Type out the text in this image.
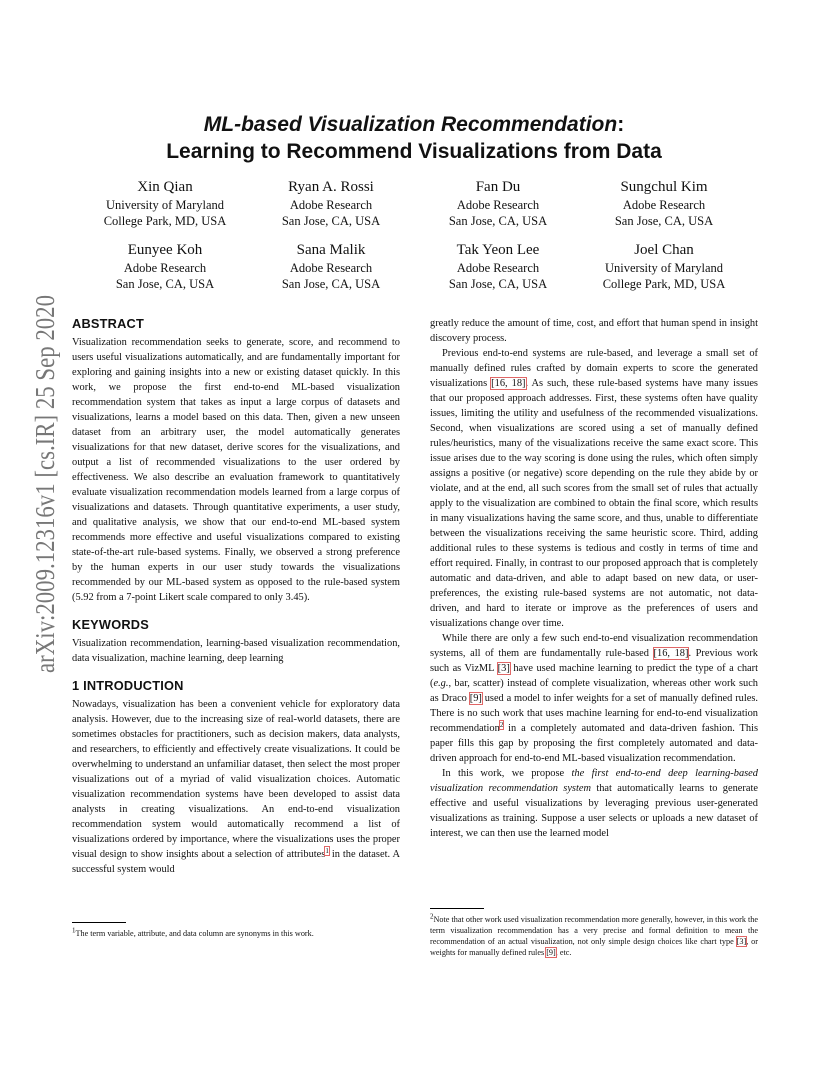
arXiv:2009.12316v1 [cs.IR] 25 Sep 2020
ML-based Visualization Recommendation:
Learning to Recommend Visualizations from Data
Xin Qian
University of Maryland
College Park, MD, USA
Ryan A. Rossi
Adobe Research
San Jose, CA, USA
Fan Du
Adobe Research
San Jose, CA, USA
Sungchul Kim
Adobe Research
San Jose, CA, USA
Eunyee Koh
Adobe Research
San Jose, CA, USA
Sana Malik
Adobe Research
San Jose, CA, USA
Tak Yeon Lee
Adobe Research
San Jose, CA, USA
Joel Chan
University of Maryland
College Park, MD, USA
ABSTRACT

Visualization recommendation seeks to generate, score, and recommend to users useful visualizations automatically, and are fundamentally important for exploring and gaining insights into a new or existing dataset quickly. In this work, we propose the first end-to-end ML-based visualization recommendation system that takes as input a large corpus of datasets and visualizations, learns a model based on this data. Then, given a new unseen dataset from an arbitrary user, the model automatically generates visualizations for that new dataset, derive scores for the visualizations, and output a list of recommended visualizations to the user ordered by effectiveness. We also describe an evaluation framework to quantitatively evaluate visualization recommendation models learned from a large corpus of visualizations and datasets. Through quantitative experiments, a user study, and qualitative analysis, we show that our end-to-end ML-based system recommends more effective and useful visualizations compared to existing state-of-the-art rule-based systems. Finally, we observed a strong preference by the human experts in our user study towards the visualizations recommended by our ML-based system as opposed to the rule-based system (5.92 from a 7-point Likert scale compared to only 3.45).

KEYWORDS

Visualization recommendation, learning-based visualization recommendation, data visualization, machine learning, deep learning

1 INTRODUCTION

Nowadays, visualization has been a convenient vehicle for exploratory data analysis. However, due to the increasing size of real-world datasets, there are sometimes obstacles for practitioners, such as decision makers, data analysts, and researchers, to efficiently and effectively create visualizations. It could be overwhelming to understand an unfamiliar dataset, then select the most proper visualizations out of a myriad of valid visualization choices. Automatic visualization recommendation systems have been developed to assist data analysts in creating visualizations. An end-to-end visualization recommendation system would automatically recommend a list of visualizations ordered by importance, where the visualizations uses the proper visual design to show insights about a selection of attributes$^1$ in the dataset. A successful system would

$^1$The term variable, attribute, and data column are synonyms in this work.

greatly reduce the amount of time, cost, and effort that human spend in insight discovery process.

Previous end-to-end systems are rule-based, and leverage a small set of manually defined rules crafted by domain experts to score the generated visualizations [16, 18]. As such, these rule-based systems have many issues that our proposed approach addresses. First, these systems often have quality issues, limiting the utility and usefulness of the recommended visualizations. Second, when visualizations are scored using a set of manually defined rules/heuristics, many of the visualizations receive the same exact score. This issue arises due to the way scoring is done using the rules, which often simply assigns a positive (or negative) score depending on the rule they abide by or violate, and at the end, all such scores from the small set of rules that actually apply to the visualization are combined to obtain the final score, which results in many visualizations having the same score, and thus, unable to differentiate between the visualizations receiving the same heuristic score. Third, adding additional rules to these systems is tedious and costly in terms of time and effort required. Finally, in contrast to our proposed approach that is completely automatic and data-driven, and able to adapt based on new data, or user-preferences, the existing rule-based systems are not automatic, not data-driven, and hard to iterate or improve as the preferences of users and visualizations change over time.

While there are only a few such end-to-end visualization recommendation systems, all of them are fundamentally rule-based [16, 18]. Previous work such as VizML [3] have used machine learning to predict the type of a chart (e.g., bar, scatter) instead of complete visualization, whereas other work such as Draco [9] used a model to infer weights for a set of manually defined rules. There is no such work that uses machine learning for end-to-end visualization recommendation$^2$ in a completely automated and data-driven fashion. This paper fills this gap by proposing the first completely automated and data-driven approach for end-to-end ML-based visualization recommendation.

In this work, we propose the first end-to-end deep learning-based visualization recommendation system that automatically learns to generate effective and useful visualizations by leveraging previous user-generated visualizations as training. Suppose a user selects or uploads a new dataset of interest, we can then use the learned model

$^2$Note that other work used visualization recommendation more generally, however, in this work the term visualization recommendation has a very precise and formal definition to mean the recommendation of an actual visualization, not only simple design choices like chart type [3], or weights for manually defined rules [9], etc.
